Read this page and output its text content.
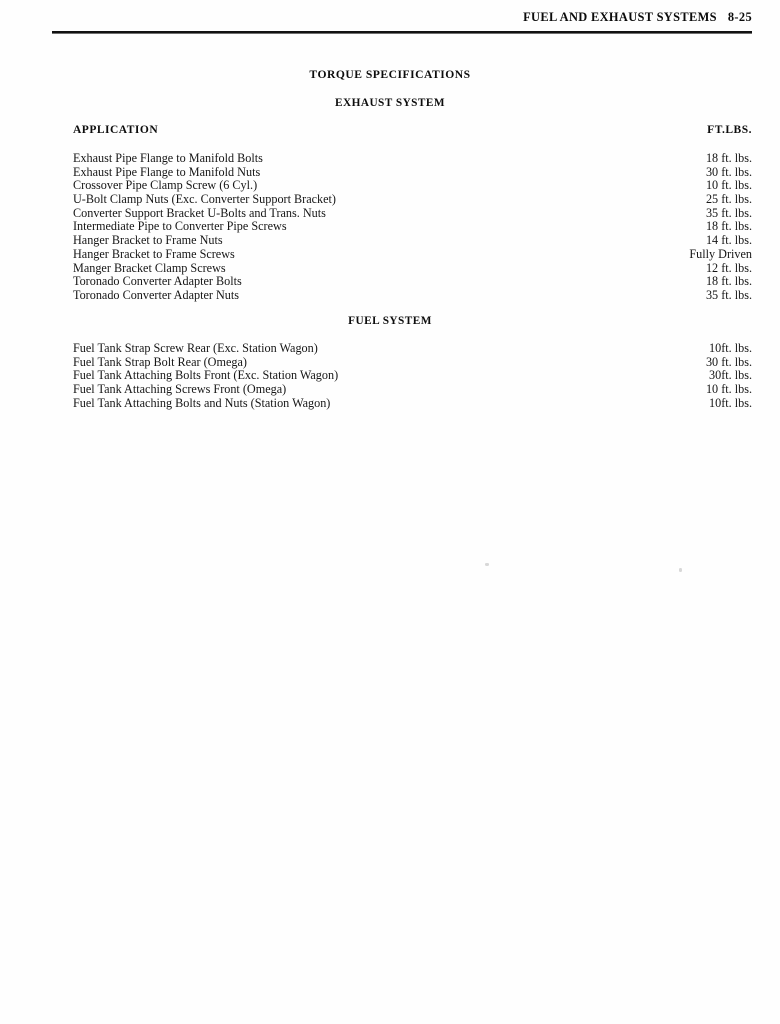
FUEL AND EXHAUST SYSTEMS 8-25
TORQUE SPECIFICATIONS
EXHAUST SYSTEM
APPLICATION	FT.LBS.
Exhaust Pipe Flange to Manifold Bolts	18 ft. lbs.
Exhaust Pipe Flange to Manifold Nuts	30 ft. lbs.
Crossover Pipe Clamp Screw (6 Cyl.)	10 ft. lbs.
U-Bolt Clamp Nuts (Exc. Converter Support Bracket)	25 ft. lbs.
Converter Support Bracket U-Bolts and Trans. Nuts	35 ft. lbs.
Intermediate Pipe to Converter Pipe Screws	18 ft. lbs.
Hanger Bracket to Frame Nuts	14 ft. lbs.
Hanger Bracket to Frame Screws	Fully Driven
Manger Bracket Clamp Screws	12 ft. lbs.
Toronado Converter Adapter Bolts	18 ft. lbs.
Toronado Converter Adapter Nuts	35 ft. lbs.
FUEL SYSTEM
Fuel Tank Strap Screw Rear (Exc. Station Wagon)	10ft. lbs.
Fuel Tank Strap Bolt Rear (Omega)	30 ft. lbs.
Fuel Tank Attaching Bolts Front (Exc. Station Wagon)	30ft. lbs.
Fuel Tank Attaching Screws Front (Omega)	10 ft. lbs.
Fuel Tank Attaching Bolts and Nuts (Station Wagon)	10ft. lbs.
